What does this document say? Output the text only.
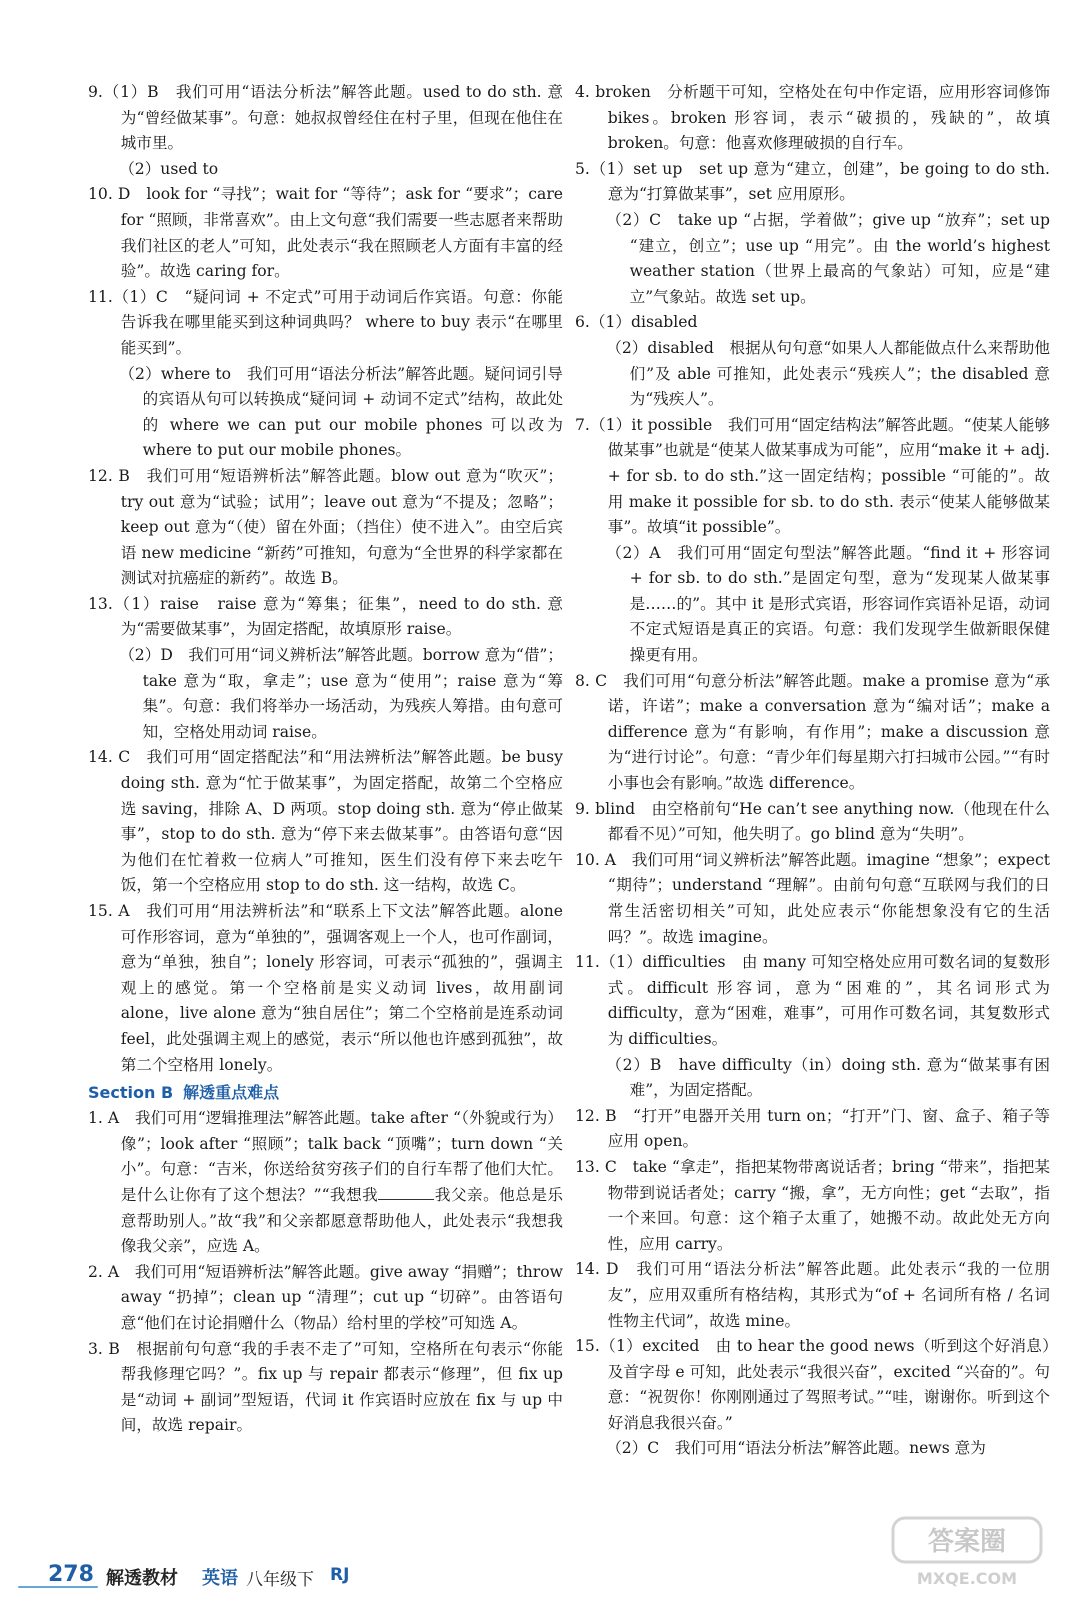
9.（1）B　我们可用“语法分析法”解答此题。used to do sth. 意为“曾经做某事”。句意：她叔叔曾经住在村子里，但现在他住在城市里。

（2）used to

10. D　look for “寻找”；wait for “等待”；ask for “要求”；care for “照顾，非常喜欢”。由上文句意“我们需要一些志愿者来帮助我们社区的老人”可知，此处表示“我在照顾老人方面有丰富的经验”。故选 caring for。

11.（1）C　“疑问词 + 不定式”可用于动词后作宾语。句意：你能告诉我在哪里能买到这种词典吗？ where to buy 表示“在哪里能买到”。

（2）where to　我们可用“语法分析法”解答此题。疑问词引导的宾语从句可以转换成“疑问词 + 动词不定式”结构，故此处的 where we can put our mobile phones 可以改为 where to put our mobile phones。

12. B　我们可用“短语辨析法”解答此题。blow out 意为“吹灭”；try out 意为“试验；试用”；leave out 意为“不提及；忽略”；keep out 意为“（使）留在外面；（挡住）使不进入”。由空后宾语 new medicine “新药”可推知，句意为“全世界的科学家都在测试对抗癌症的新药”。故选 B。

13.（1）raise　raise 意为“筹集；征集”，need to do sth. 意为“需要做某事”，为固定搭配，故填原形 raise。

（2）D　我们可用“词义辨析法”解答此题。borrow 意为“借”；take 意为“取，拿走”；use 意为“使用”；raise 意为“筹集”。句意：我们将举办一场活动，为残疾人筹措。由句意可知，空格处用动词 raise。

14. C　我们可用“固定搭配法”和“用法辨析法”解答此题。be busy doing sth. 意为“忙于做某事”，为固定搭配，故第二个空格应选 saving，排除 A、D 两项。stop doing sth. 意为“停止做某事”，stop to do sth. 意为“停下来去做某事”。由答语句意“因为他们在忙着救一位病人”可推知，医生们没有停下来去吃午饭，第一个空格应用 stop to do sth. 这一结构，故选 C。

15. A　我们可用“用法辨析法”和“联系上下文法”解答此题。alone 可作形容词，意为“单独的”，强调客观上一个人，也可作副词，意为“单独，独自”；lonely 形容词，可表示“孤独的”，强调主观上的感觉。第一个空格前是实义动词 lives，故用副词 alone，live alone 意为“独自居住”；第二个空格前是连系动词 feel，此处强调主观上的感觉，表示“所以他也许感到孤独”，故第二个空格用 lonely。

Section B 解透重点难点

1. A　我们可用“逻辑推理法”解答此题。take after “（外貌或行为）像”；look after “照顾”；talk back “顶嘴”；turn down “关小”。句意：“吉米，你送给贫穷孩子们的自行车帮了他们大忙。是什么让你有了这个想法？”“我想我	我父亲。他总是乐意帮助别人。”故“我”和父亲都愿意帮助他人，此处表示“我想我像我父亲”，应选 A。

2. A　我们可用“短语辨析法”解答此题。give away “捐赠”；throw away “扔掉”；clean up “清理”；cut up “切碎”。由答语句意“他们在讨论捐赠什么（物品）给村里的学校”可知选 A。

3. B　根据前句句意“我的手表不走了”可知，空格所在句表示“你能帮我修理它吗？”。fix up 与 repair 都表示“修理”，但 fix up 是“动词 + 副词”型短语，代词 it 作宾语时应放在 fix 与 up 中间，故选 repair。

4. broken　分析题干可知，空格处在句中作定语，应用形容词修饰 bikes。broken 形容词，表示“破损的，残缺的”，故填 broken。句意：他喜欢修理破损的自行车。

5.（1）set up　set up 意为“建立，创建”，be going to do sth. 意为“打算做某事”，set 应用原形。

（2）C　take up “占据，学着做”；give up “放弃”；set up “建立，创立”；use up “用完”。由 the world’s highest weather station（世界上最高的气象站）可知，应是“建立”气象站。故选 set up。

6.（1）disabled

（2）disabled　根据从句句意“如果人人都能做点什么来帮助他们”及 able 可推知，此处表示“残疾人”；the disabled 意为“残疾人”。

7.（1）it possible　我们可用“固定结构法”解答此题。“使某人能够做某事”也就是“使某人做某事成为可能”，应用“make it + adj. + for sb. to do sth.”这一固定结构；possible “可能的”。故用 make it possible for sb. to do sth. 表示“使某人能够做某事”。故填“it possible”。

（2）A　我们可用“固定句型法”解答此题。“find it + 形容词 + for sb. to do sth.”是固定句型，意为“发现某人做某事是……的”。其中 it 是形式宾语，形容词作宾语补足语，动词不定式短语是真正的宾语。句意：我们发现学生做新眼保健操更有用。

8. C　我们可用“句意分析法”解答此题。make a promise 意为“承诺，许诺”；make a conversation 意为“编对话”；make a difference 意为“有影响，有作用”；make a discussion 意为“进行讨论”。句意：“青少年们每星期六打扫城市公园。”“有时小事也会有影响。”故选 difference。

9. blind　由空格前句“He can’t see anything now.（他现在什么都看不见）”可知，他失明了。go blind 意为“失明”。

10. A　我们可用“词义辨析法”解答此题。imagine “想象”；expect “期待”；understand “理解”。由前句句意“互联网与我们的日常生活密切相关”可知，此处应表示“你能想象没有它的生活吗？”。故选 imagine。

11.（1）difficulties　由 many 可知空格处应用可数名词的复数形式。difficult 形容词，意为“困难的”，其名词形式为 difficulty，意为“困难，难事”，可用作可数名词，其复数形式为 difficulties。

（2）B　have difficulty（in）doing sth. 意为“做某事有困难”，为固定搭配。

12. B　“打开”电器开关用 turn on；“打开”门、窗、盒子、箱子等应用 open。

13. C　take “拿走”，指把某物带离说话者；bring “带来”，指把某物带到说话者处；carry “搬，拿”，无方向性；get “去取”，指一个来回。句意：这个箱子太重了，她搬不动。故此处无方向性，应用 carry。

14. D　我们可用“语法分析法”解答此题。此处表示“我的一位朋友”，应用双重所有格结构，其形式为“of + 名词所有格 / 名词性物主代词”，故选 mine。

15.（1）excited　由 to hear the good news（听到这个好消息）及首字母 e 可知，此处表示“我很兴奋”，excited “兴奋的”。句意：“祝贺你！你刚刚通过了驾照考试。”“哇，谢谢你。听到这个好消息我很兴奋。”

（2）C　我们可用“语法分析法”解答此题。news 意为

278 解透教材 英语 八年级下 RJ
答案圈
MXQE.COM
